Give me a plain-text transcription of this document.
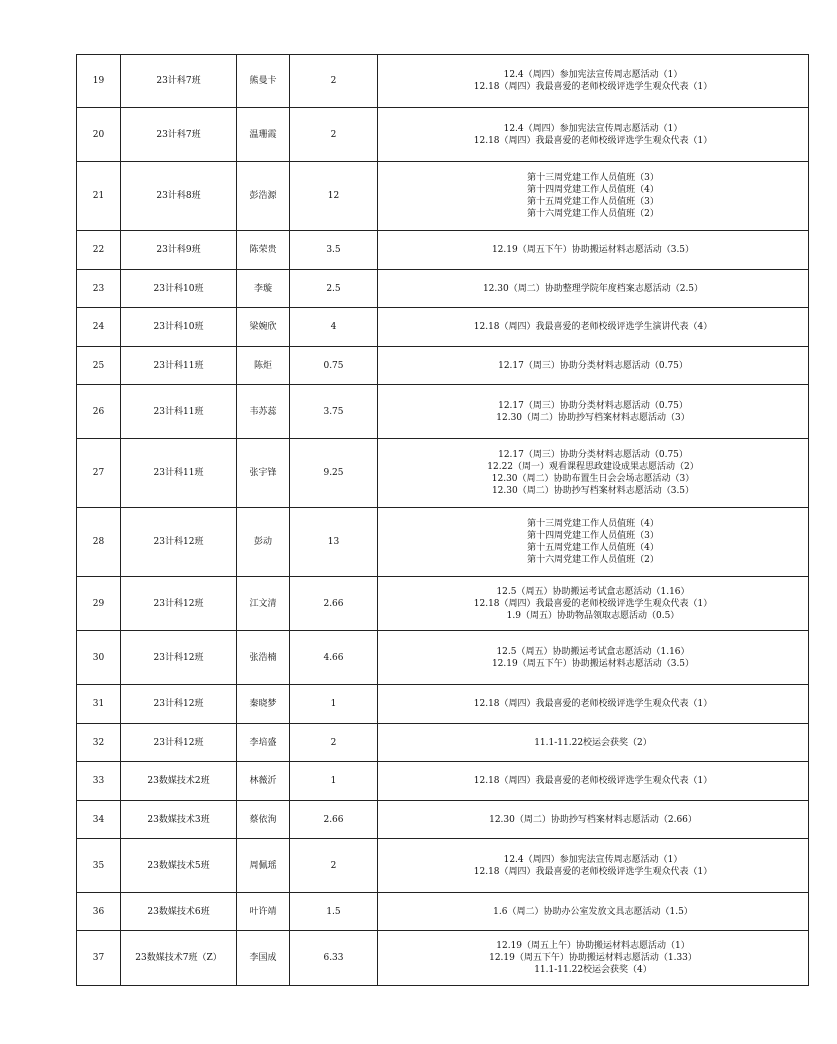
19	23计科7班	熊曼卡	2	12.4（周四）参加宪法宣传周志愿活动（1）
12.18（周四）我最喜爱的老师校级评选学生观众代表（1）

20	23计科7班	温珊霞	2	12.4（周四）参加宪法宣传周志愿活动（1）
12.18（周四）我最喜爱的老师校级评选学生观众代表（1）

21	23计科8班	彭浩源	12	第十三周党建工作人员值班（3）
第十四周党建工作人员值班（4）
第十五周党建工作人员值班（3）
第十六周党建工作人员值班（2）

22	23计科9班	陈荣贵	3.5	12.19（周五下午）协助搬运材料志愿活动（3.5）

23	23计科10班	李璇	2.5	12.30（周二）协助整理学院年度档案志愿活动（2.5）

24	23计科10班	梁婉欣	4	12.18（周四）我最喜爱的老师校级评选学生演讲代表（4）

25	23计科11班	陈炬	0.75	12.17（周三）协助分类材料志愿活动（0.75）

26	23计科11班	韦苏蕊	3.75	12.17（周三）协助分类材料志愿活动（0.75）
12.30（周二）协助抄写档案材料志愿活动（3）

27	23计科11班	张宇锋	9.25	12.17（周三）协助分类材料志愿活动（0.75）
12.22（周一）观看课程思政建设成果志愿活动（2）
12.30（周二）协助布置生日会会场志愿活动（3）
12.30（周二）协助抄写档案材料志愿活动（3.5）

28	23计科12班	彭动	13	第十三周党建工作人员值班（4）
第十四周党建工作人员值班（3）
第十五周党建工作人员值班（4）
第十六周党建工作人员值班（2）

29	23计科12班	江文清	2.66	12.5（周五）协助搬运考试盒志愿活动（1.16）
12.18（周四）我最喜爱的老师校级评选学生观众代表（1）
1.9（周五）协助物品领取志愿活动（0.5）

30	23计科12班	张浩楠	4.66	12.5（周五）协助搬运考试盒志愿活动（1.16）
12.19（周五下午）协助搬运材料志愿活动（3.5）

31	23计科12班	秦晓梦	1	12.18（周四）我最喜爱的老师校级评选学生观众代表（1）

32	23计科12班	李培盛	2	11.1-11.22校运会获奖（2）

33	23数媒技术2班	林薇沂	1	12.18（周四）我最喜爱的老师校级评选学生观众代表（1）

34	23数媒技术3班	蔡依洵	2.66	12.30（周二）协助抄写档案材料志愿活动（2.66）

35	23数媒技术5班	周佩瑶	2	12.4（周四）参加宪法宣传周志愿活动（1）
12.18（周四）我最喜爱的老师校级评选学生观众代表（1）

36	23数媒技术6班	叶许靖	1.5	1.6（周二）协助办公室发放文具志愿活动（1.5）

37	23数媒技术7班（Z）	李国成	6.33	12.19（周五上午）协助搬运材料志愿活动（1）
12.19（周五下午）协助搬运材料志愿活动（1.33）
11.1-11.22校运会获奖（4）
